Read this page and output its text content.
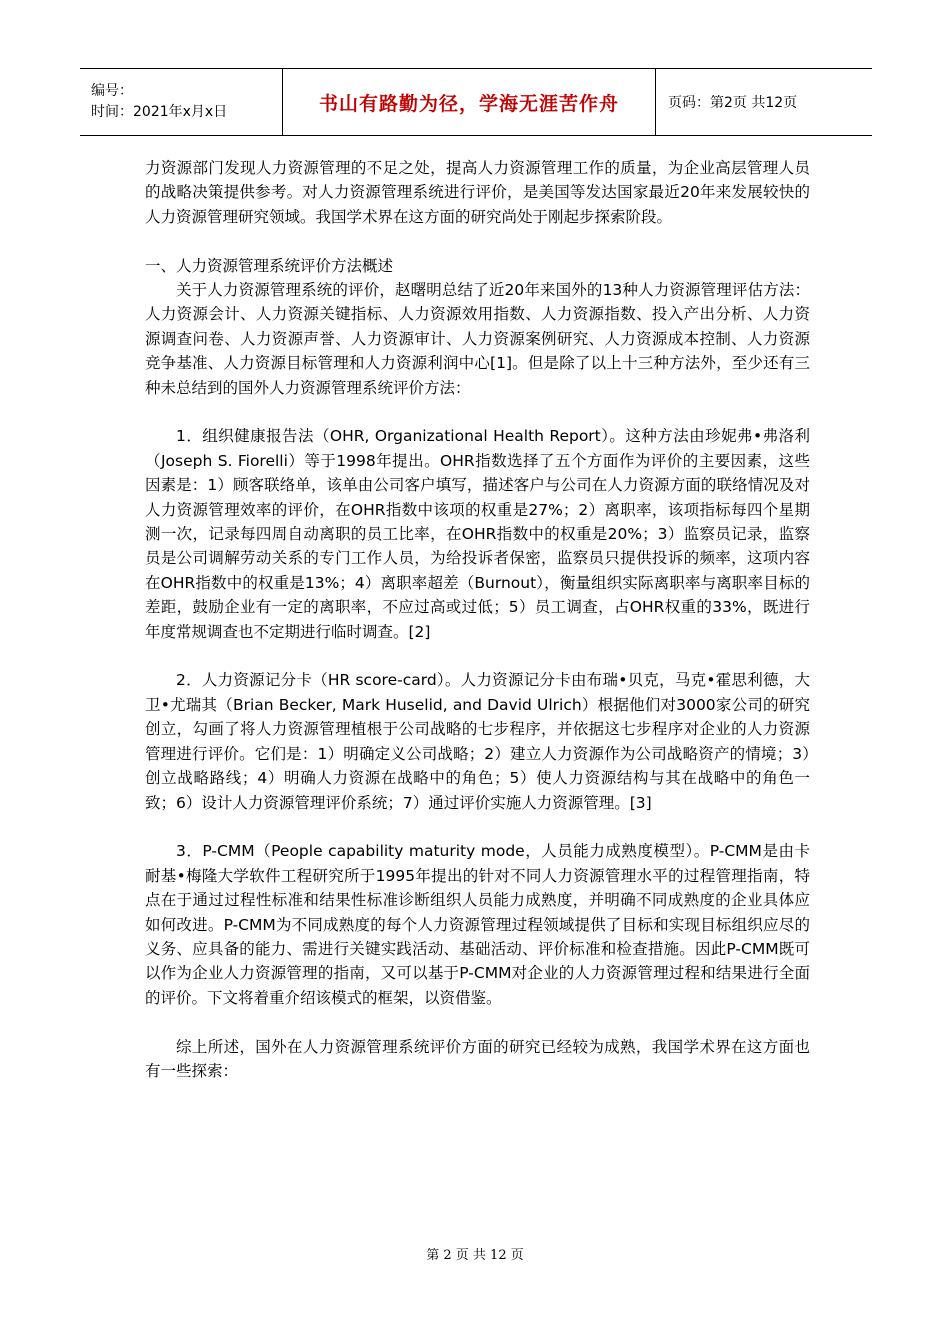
编号：
时间：2021年x月x日	书山有路勤为径，学海无涯苦作舟	页码：第2页 共12页

力资源部门发现人力资源管理的不足之处，提高人力资源管理工作的质量，为企业高层管理人员的战略决策提供参考。对人力资源管理系统进行评价，是美国等发达国家最近20年来发展较快的人力资源管理研究领域。我国学术界在这方面的研究尚处于刚起步探索阶段。

一、人力资源管理系统评价方法概述

关于人力资源管理系统的评价，赵曙明总结了近20年来国外的13种人力资源管理评估方法：人力资源会计、人力资源关键指标、人力资源效用指数、人力资源指数、投入产出分析、人力资源调查问卷、人力资源声誉、人力资源审计、人力资源案例研究、人力资源成本控制、人力资源竞争基准、人力资源目标管理和人力资源利润中心[1]。但是除了以上十三种方法外，至少还有三种未总结到的国外人力资源管理系统评价方法：

1．组织健康报告法（OHR, Organizational Health Report）。这种方法由珍妮弗•弗洛利（Joseph S. Fiorelli）等于1998年提出。OHR指数选择了五个方面作为评价的主要因素，这些因素是：1）顾客联络单，该单由公司客户填写，描述客户与公司在人力资源方面的联络情况及对人力资源管理效率的评价，在OHR指数中该项的权重是27%；2）离职率，该项指标每四个星期测一次，记录每四周自动离职的员工比率，在OHR指数中的权重是20%；3）监察员记录，监察员是公司调解劳动关系的专门工作人员，为给投诉者保密，监察员只提供投诉的频率，这项内容在OHR指数中的权重是13%；4）离职率超差（Burnout），衡量组织实际离职率与离职率目标的差距，鼓励企业有一定的离职率，不应过高或过低；5）员工调查，占OHR权重的33%，既进行年度常规调查也不定期进行临时调查。[2]

2．人力资源记分卡（HR score-card）。人力资源记分卡由布瑞•贝克，马克•霍思利德，大卫•尤瑞其（Brian Becker, Mark Huselid, and David Ulrich）根据他们对3000家公司的研究创立，勾画了将人力资源管理植根于公司战略的七步程序，并依据这七步程序对企业的人力资源管理进行评价。它们是：1）明确定义公司战略；2）建立人力资源作为公司战略资产的情境；3）创立战略路线；4）明确人力资源在战略中的角色；5）使人力资源结构与其在战略中的角色一致；6）设计人力资源管理评价系统；7）通过评价实施人力资源管理。[3]

3．P-CMM（People capability maturity mode，人员能力成熟度模型）。P-CMM是由卡耐基•梅隆大学软件工程研究所于1995年提出的针对不同人力资源管理水平的过程管理指南，特点在于通过过程性标准和结果性标准诊断组织人员能力成熟度，并明确不同成熟度的企业具体应如何改进。P-CMM为不同成熟度的每个人力资源管理过程领域提供了目标和实现目标组织应尽的义务、应具备的能力、需进行关键实践活动、基础活动、评价标准和检查措施。因此P-CMM既可以作为企业人力资源管理的指南，又可以基于P-CMM对企业的人力资源管理过程和结果进行全面的评价。下文将着重介绍该模式的框架，以资借鉴。

综上所述，国外在人力资源管理系统评价方面的研究已经较为成熟，我国学术界在这方面也有一些探索：

第 2 页 共 12 页
